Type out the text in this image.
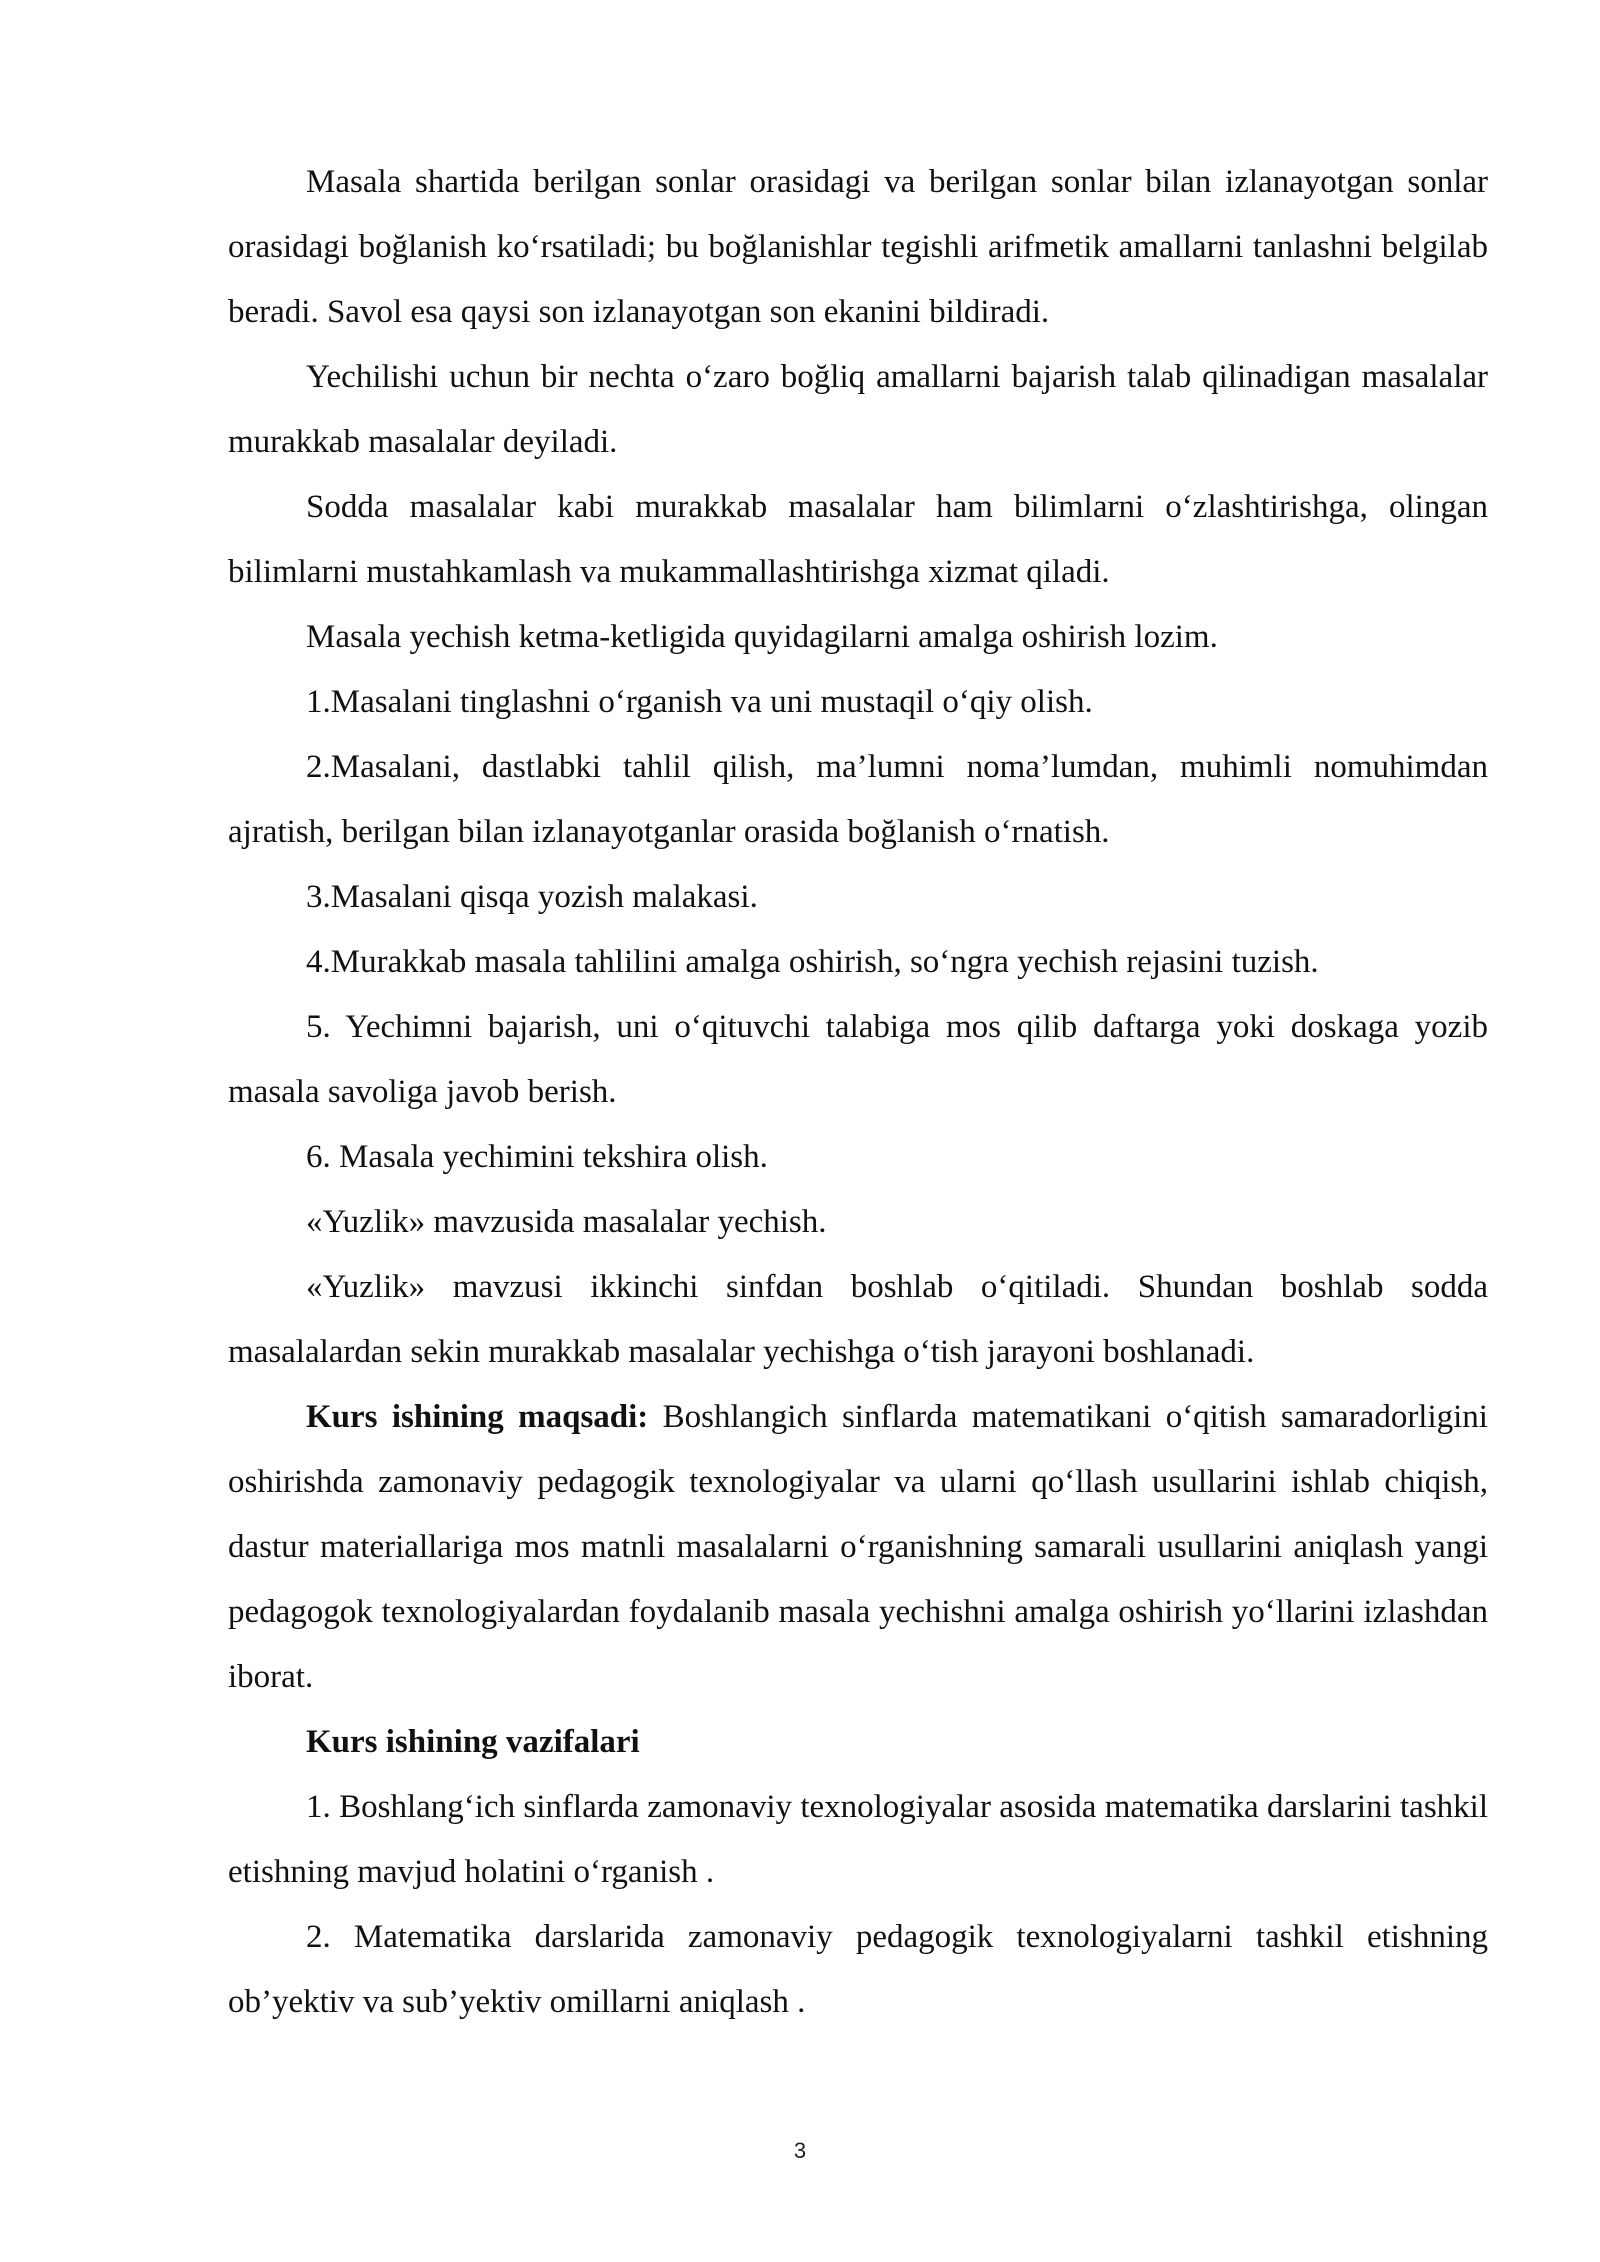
Masala shartida berilgan sonlar orasidagi va berilgan sonlar bilan izlanayotgan sonlar orasidagi boğlanish ko‘rsatiladi; bu boğlanishlar tegishli arifmetik amallarni tanlashni belgilab beradi. Savol esa qaysi son izlanayotgan son ekanini bildiradi.

Yechilishi uchun bir nechta o‘zaro boğliq amallarni bajarish talab qilinadigan masalalar murakkab masalalar deyiladi.

Sodda masalalar kabi murakkab masalalar ham bilimlarni o‘zlashtirishga, olingan bilimlarni mustahkamlash va mukammallashtirishga xizmat qiladi.

Masala yechish ketma-ketligida quyidagilarni amalga oshirish lozim.

1.Masalani tinglashni o‘rganish va uni mustaqil o‘qiy olish.

2.Masalani, dastlabki tahlil qilish, ma’lumni noma’lumdan, muhimli nomuhimdan ajratish, berilgan bilan izlanayotganlar orasida boğlanish o‘rnatish.

3.Masalani qisqa yozish malakasi.

4.Murakkab masala tahlilini amalga oshirish, so‘ngra yechish rejasini tuzish.

5. Yechimni bajarish, uni o‘qituvchi talabiga mos qilib daftarga yoki doskaga yozib masala savoliga javob berish.

6. Masala yechimini tekshira olish.

«Yuzlik» mavzusida masalalar yechish.

«Yuzlik» mavzusi ikkinchi sinfdan boshlab o‘qitiladi. Shundan boshlab sodda masalalardan sekin murakkab masalalar yechishga o‘tish jarayoni boshlanadi.

Kurs ishining maqsadi: Boshlangich sinflarda matematikani o‘qitish samaradorligini oshirishda zamonaviy pedagogik texnologiyalar va ularni qo‘llash usullarini ishlab chiqish, dastur materiallariga mos matnli masalalarni o‘rganishning samarali usullarini aniqlash yangi pedagogok texnologiyalardan foydalanib masala yechishni amalga oshirish yo‘llarini izlashdan iborat.

Kurs ishining vazifalari

1. Boshlang‘ich sinflarda zamonaviy texnologiyalar asosida matematika darslarini tashkil etishning mavjud holatini o‘rganish .

2. Matematika darslarida zamonaviy pedagogik texnologiyalarni tashkil etishning ob’yektiv va sub’yektiv omillarni aniqlash .

3
